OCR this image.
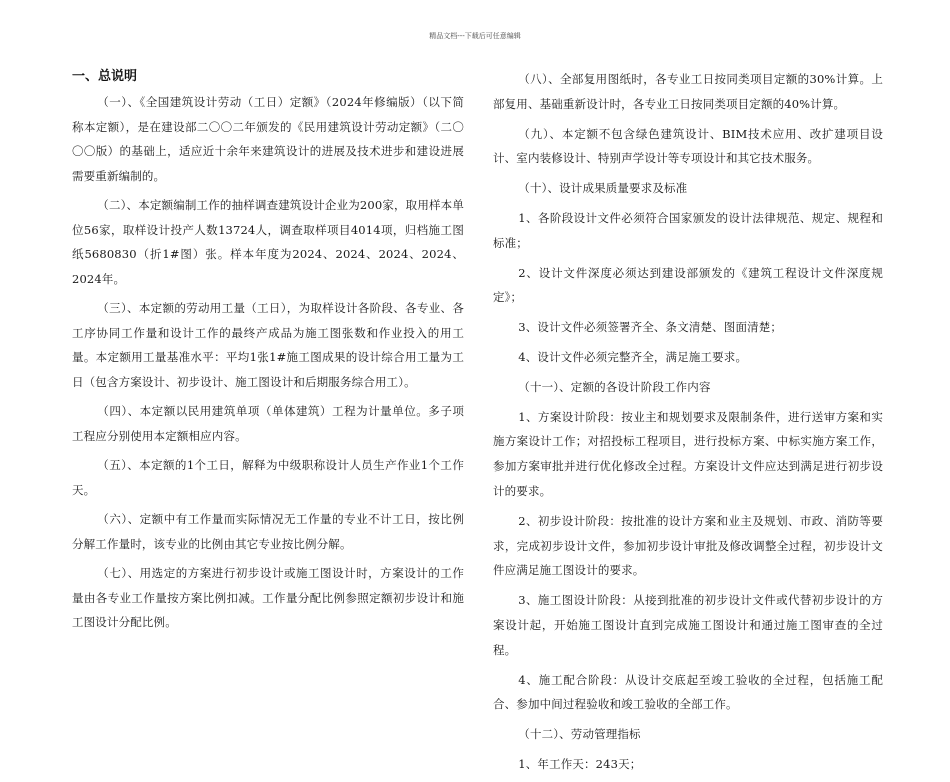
精品文档---下载后可任意编辑
一、总说明

（一）、《全国建筑设计劳动（工日）定额》（2024年修编版）（以下简称本定额），是在建设部二〇〇二年颁发的《民用建筑设计劳动定额》（二〇〇〇版）的基础上，适应近十余年来建筑设计的进展及技术进步和建设进展需要重新编制的。

（二）、本定额编制工作的抽样调查建筑设计企业为200家，取用样本单位56家，取样设计投产人数13724人，调查取样项目4014项，归档施工图纸5680830（折1#图）张。样本年度为2024、2024、2024、2024、2024年。

（三）、本定额的劳动用工量（工日），为取样设计各阶段、各专业、各工序协同工作量和设计工作的最终产成品为施工图张数和作业投入的用工量。本定额用工量基准水平：平均1张1#施工图成果的设计综合用工量为工日（包含方案设计、初步设计、施工图设计和后期服务综合用工）。

（四）、本定额以民用建筑单项（单体建筑）工程为计量单位。多子项工程应分别使用本定额相应内容。

（五）、本定额的1个工日，解释为中级职称设计人员生产作业1个工作天。

（六）、定额中有工作量而实际情况无工作量的专业不计工日，按比例分解工作量时，该专业的比例由其它专业按比例分解。

（七）、用选定的方案进行初步设计或施工图设计时，方案设计的工作量由各专业工作量按方案比例扣减。工作量分配比例参照定额初步设计和施工图设计分配比例。

（八）、全部复用图纸时，各专业工日按同类项目定额的30%计算。上部复用、基础重新设计时，各专业工日按同类项目定额的40%计算。

（九）、本定额不包含绿色建筑设计、BIM技术应用、改扩建项目设计、室内装修设计、特别声学设计等专项设计和其它技术服务。

（十）、设计成果质量要求及标准

1、各阶段设计文件必须符合国家颁发的设计法律规范、规定、规程和标准；

2、设计文件深度必须达到建设部颁发的《建筑工程设计文件深度规定》；

3、设计文件必须签署齐全、条文清楚、图面清楚；

4、设计文件必须完整齐全，满足施工要求。

（十一）、定额的各设计阶段工作内容

1、方案设计阶段：按业主和规划要求及限制条件，进行送审方案和实施方案设计工作；对招投标工程项目，进行投标方案、中标实施方案工作，参加方案审批并进行优化修改全过程。方案设计文件应达到满足进行初步设计的要求。

2、初步设计阶段：按批准的设计方案和业主及规划、市政、消防等要求，完成初步设计文件，参加初步设计审批及修改调整全过程，初步设计文件应满足施工图设计的要求。

3、施工图设计阶段：从接到批准的初步设计文件或代替初步设计的方案设计起，开始施工图设计直到完成施工图设计和通过施工图审查的全过程。

4、施工配合阶段：从设计交底起至竣工验收的全过程，包括施工配合、参加中间过程验收和竣工验收的全部工作。

（十二）、劳动管理指标

1、年工作天：243天；
